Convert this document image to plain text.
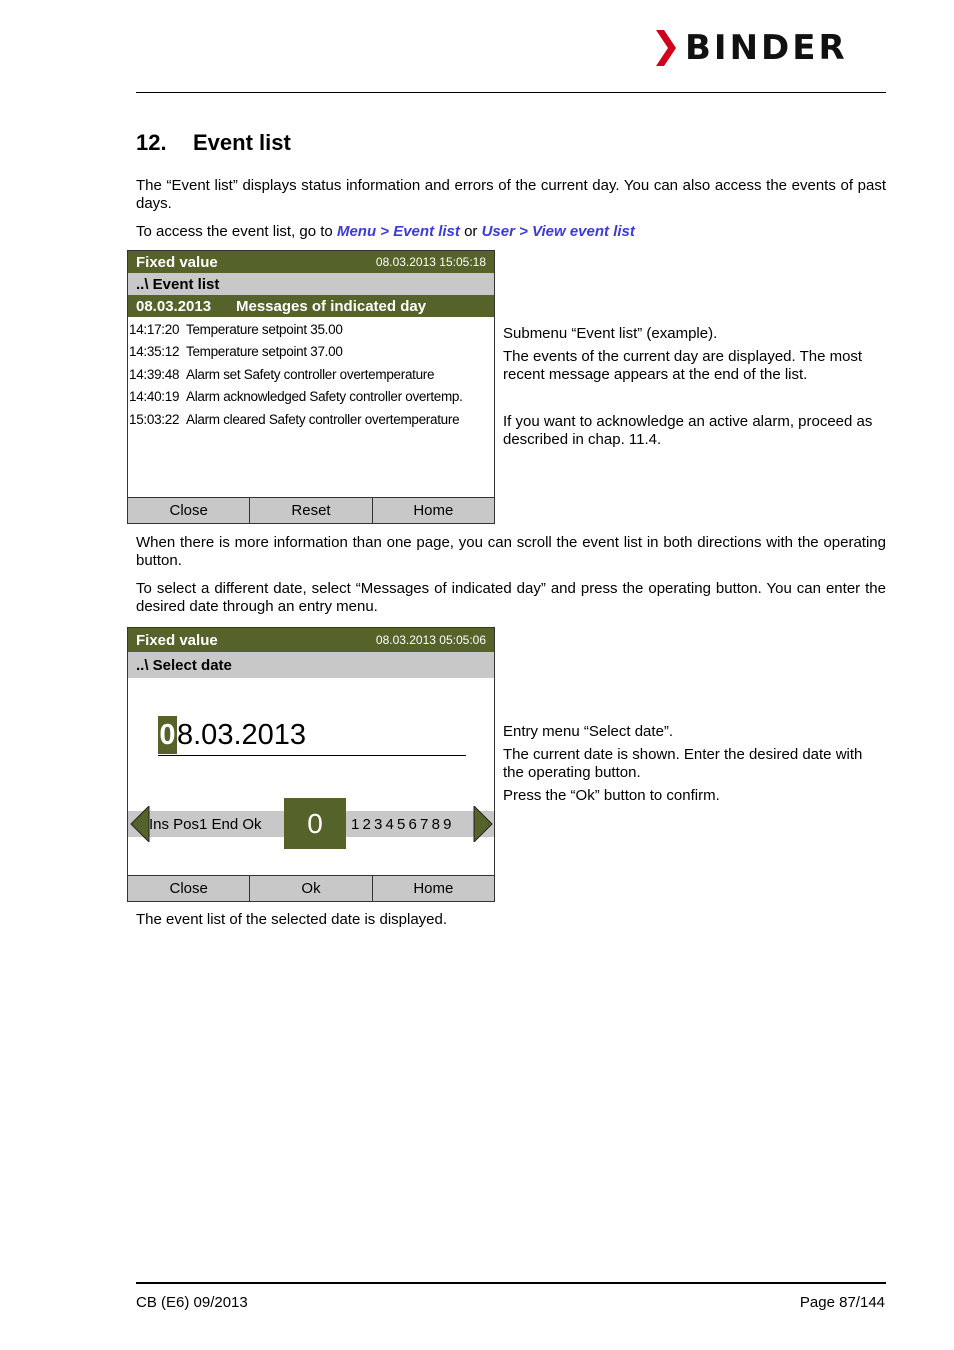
BINDER
12. Event list

The “Event list” displays status information and errors of the current day. You can also access the events of past days.

To access the event list, go to Menu > Event list or User > View event list

Fixed value	08.03.2013 15:05:18
..\ Event list
08.03.2013	Messages of indicated day
14:17:20 Temperature setpoint 35.00
14:35:12 Temperature setpoint 37.00
14:39:48 Alarm set Safety controller overtemperature
14:40:19 Alarm acknowledged Safety controller overtemp.
15:03:22 Alarm cleared Safety controller overtemperature
Close	Reset	Home

Submenu “Event list” (example).

The events of the current day are displayed. The most recent message appears at the end of the list.

If you want to acknowledge an active alarm, proceed as described in chap. 11.4.

When there is more information than one page, you can scroll the event list in both directions with the operating button.

To select a different date, select “Messages of indicated day” and press the operating button. You can enter the desired date through an entry menu.

Fixed value	08.03.2013 05:05:06
..\ Select date
0 8.03.2013
Ins Pos1 End Ok	0	1 2 3 4 5 6 7 8 9
Close	Ok	Home

Entry menu “Select date”.

The current date is shown. Enter the desired date with the operating button.

Press the “Ok” button to confirm.

The event list of the selected date is displayed.

CB (E6) 09/2013	Page 87/144
